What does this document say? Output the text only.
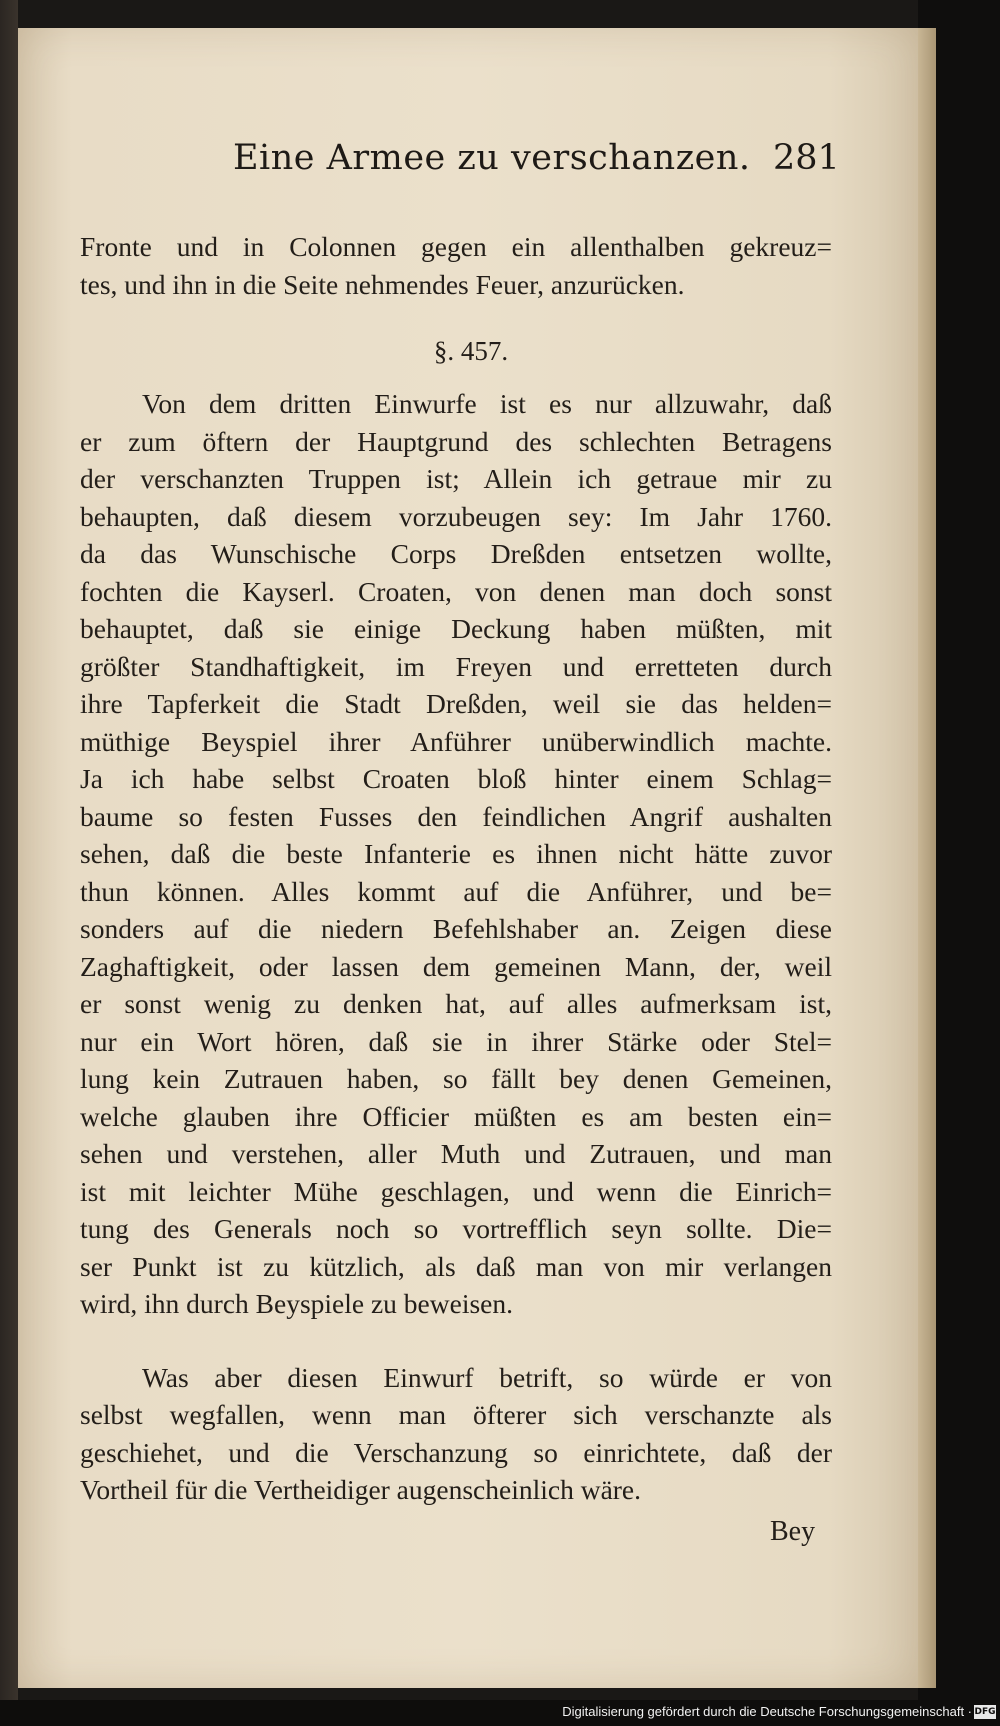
Eine Armee zu verschanzen. 281
Fronte und in Colonnen gegen ein allenthalben gekreuz=
tes, und ihn in die Seite nehmendes Feuer, anzurücken.
§. 457.
Von dem dritten Einwurfe ist es nur allzuwahr, daß
er zum öftern der Hauptgrund des schlechten Betragens
der verschanzten Truppen ist; Allein ich getraue mir zu
behaupten, daß diesem vorzubeugen sey: Im Jahr 1760.
da das Wunschische Corps Dreßden entsetzen wollte,
fochten die Kayserl. Croaten, von denen man doch sonst
behauptet, daß sie einige Deckung haben müßten, mit
größter Standhaftigkeit, im Freyen und erretteten durch
ihre Tapferkeit die Stadt Dreßden, weil sie das helden=
müthige Beyspiel ihrer Anführer unüberwindlich machte.
Ja ich habe selbst Croaten bloß hinter einem Schlag=
baume so festen Fusses den feindlichen Angrif aushalten
sehen, daß die beste Infanterie es ihnen nicht hätte zuvor
thun können. Alles kommt auf die Anführer, und be=
sonders auf die niedern Befehlshaber an. Zeigen diese
Zaghaftigkeit, oder lassen dem gemeinen Mann, der, weil
er sonst wenig zu denken hat, auf alles aufmerksam ist,
nur ein Wort hören, daß sie in ihrer Stärke oder Stel=
lung kein Zutrauen haben, so fällt bey denen Gemeinen,
welche glauben ihre Officier müßten es am besten ein=
sehen und verstehen, aller Muth und Zutrauen, und man
ist mit leichter Mühe geschlagen, und wenn die Einrich=
tung des Generals noch so vortrefflich seyn sollte. Die=
ser Punkt ist zu kützlich, als daß man von mir verlangen
wird, ihn durch Beyspiele zu beweisen.
Was aber diesen Einwurf betrift, so würde er von
selbst wegfallen, wenn man öfterer sich verschanzte als
geschiehet, und die Verschanzung so einrichtete, daß der
Vortheil für die Vertheidiger augenscheinlich wäre.
Bey
Digitalisierung gefördert durch die Deutsche Forschungsgemeinschaft · DFG
